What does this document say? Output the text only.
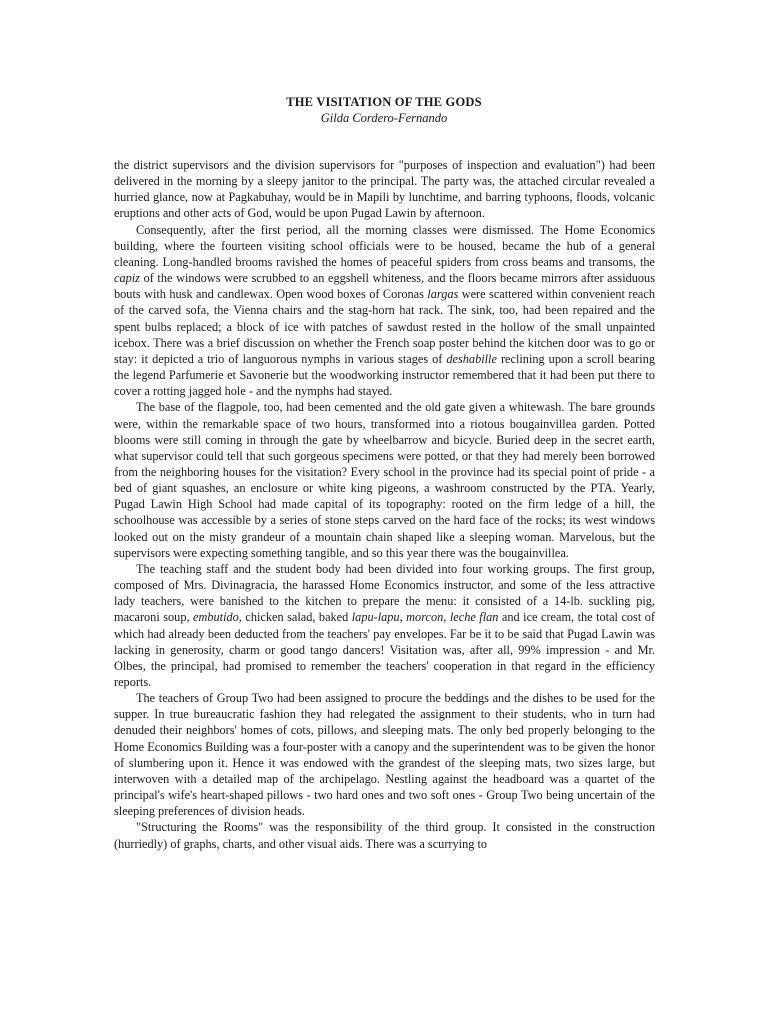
THE VISITATION OF THE GODS
Gilda Cordero-Fernando

the district supervisors and the division supervisors for "purposes of inspection and evaluation") had been delivered in the morning by a sleepy janitor to the principal. The party was, the attached circular revealed a hurried glance, now at Pagkabuhay, would be in Mapili by lunchtime, and barring typhoons, floods, volcanic eruptions and other acts of God, would be upon Pugad Lawin by afternoon.

Consequently, after the first period, all the morning classes were dismissed. The Home Economics building, where the fourteen visiting school officials were to be housed, became the hub of a general cleaning. Long-handled brooms ravished the homes of peaceful spiders from cross beams and transoms, the capiz of the windows were scrubbed to an eggshell whiteness, and the floors became mirrors after assiduous bouts with husk and candlewax. Open wood boxes of Coronas largas were scattered within convenient reach of the carved sofa, the Vienna chairs and the stag-horn hat rack. The sink, too, had been repaired and the spent bulbs replaced; a block of ice with patches of sawdust rested in the hollow of the small unpainted icebox. There was a brief discussion on whether the French soap poster behind the kitchen door was to go or stay: it depicted a trio of languorous nymphs in various stages of deshabille reclining upon a scroll bearing the legend Parfumerie et Savonerie but the woodworking instructor remembered that it had been put there to cover a rotting jagged hole - and the nymphs had stayed.

The base of the flagpole, too, had been cemented and the old gate given a whitewash. The bare grounds were, within the remarkable space of two hours, transformed into a riotous bougainvillea garden. Potted blooms were still coming in through the gate by wheelbarrow and bicycle. Buried deep in the secret earth, what supervisor could tell that such gorgeous specimens were potted, or that they had merely been borrowed from the neighboring houses for the visitation? Every school in the province had its special point of pride - a bed of giant squashes, an enclosure or white king pigeons, a washroom constructed by the PTA. Yearly, Pugad Lawin High School had made capital of its topography: rooted on the firm ledge of a hill, the schoolhouse was accessible by a series of stone steps carved on the hard face of the rocks; its west windows looked out on the misty grandeur of a mountain chain shaped like a sleeping woman. Marvelous, but the supervisors were expecting something tangible, and so this year there was the bougainvillea.

The teaching staff and the student body had been divided into four working groups. The first group, composed of Mrs. Divinagracia, the harassed Home Economics instructor, and some of the less attractive lady teachers, were banished to the kitchen to prepare the menu: it consisted of a 14-lb. suckling pig, macaroni soup, embutido, chicken salad, baked lapu-lapu, morcon, leche flan and ice cream, the total cost of which had already been deducted from the teachers' pay envelopes. Far be it to be said that Pugad Lawin was lacking in generosity, charm or good tango dancers! Visitation was, after all, 99% impression - and Mr. Olbes, the principal, had promised to remember the teachers' cooperation in that regard in the efficiency reports.

The teachers of Group Two had been assigned to procure the beddings and the dishes to be used for the supper. In true bureaucratic fashion they had relegated the assignment to their students, who in turn had denuded their neighbors' homes of cots, pillows, and sleeping mats. The only bed properly belonging to the Home Economics Building was a four-poster with a canopy and the superintendent was to be given the honor of slumbering upon it. Hence it was endowed with the grandest of the sleeping mats, two sizes large, but interwoven with a detailed map of the archipelago. Nestling against the headboard was a quartet of the principal's wife's heart-shaped pillows - two hard ones and two soft ones - Group Two being uncertain of the sleeping preferences of division heads.

"Structuring the Rooms" was the responsibility of the third group. It consisted in the construction (hurriedly) of graphs, charts, and other visual aids. There was a scurrying to
